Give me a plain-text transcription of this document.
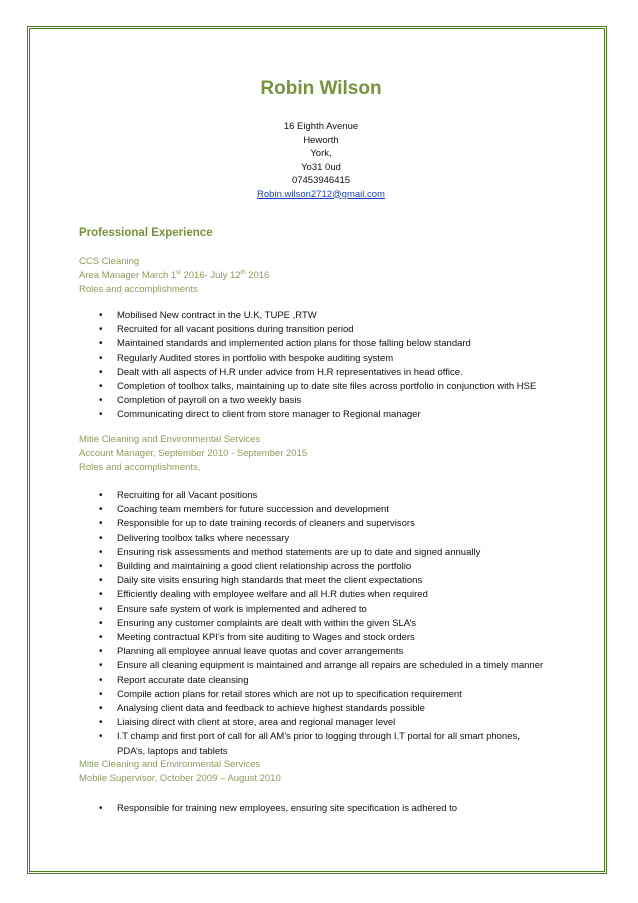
Robin Wilson
16 Eighth Avenue
Heworth
York,
Yo31 0ud
07453946415
Robin.wilson2712@gmail.com
Professional Experience
CCS Cleaning
Area Manager March 1st 2016- July 12th 2016
Roles and accomplishments
• Mobilised New contract in the U.K, TUPE ,RTW
• Recruited for all vacant positions during transition period
• Maintained standards and implemented action plans for those falling below standard
• Regularly Audited stores in portfolio with bespoke auditing system
• Dealt with all aspects of H.R under advice from H.R representatives in head office.
• Completion of toolbox talks, maintaining up to date site files across portfolio in conjunction with HSE
• Completion of payroll on a two weekly basis
• Communicating direct to client from store manager to Regional manager
Mitie Cleaning and Environmental Services
Account Manager, September 2010 - September 2015
Roles and accomplishments,
• Recruiting for all Vacant positions
• Coaching team members for future succession and development
• Responsible for up to date training records of cleaners and supervisors
• Delivering toolbox talks where necessary
• Ensuring risk assessments and method statements are up to date and signed annually
• Building and maintaining a good client relationship across the portfolio
• Daily site visits ensuring high standards that meet the client expectations
• Efficiently dealing with employee welfare and all H.R duties when required
• Ensure safe system of work is implemented and adhered to
• Ensuring any customer complaints are dealt with within the given SLA’s
• Meeting contractual KPI’s from site auditing to Wages and stock orders
• Planning all employee annual leave quotas and cover arrangements
• Ensure all cleaning equipment is maintained and arrange all repairs are scheduled in a timely manner
• Report accurate date cleansing
• Compile action plans for retail stores which are not up to specification requirement
• Analysing client data and feedback to achieve highest standards possible
• Liaising direct with client at store, area and regional manager level
• I.T champ and first port of call for all AM’s prior to logging through I.T portal for all smart phones, PDA’s, laptops and tablets
Mitie Cleaning and Environmental Services
Mobile Supervisor, October 2009 – August 2010
• Responsible for training new employees, ensuring site specification is adhered to
